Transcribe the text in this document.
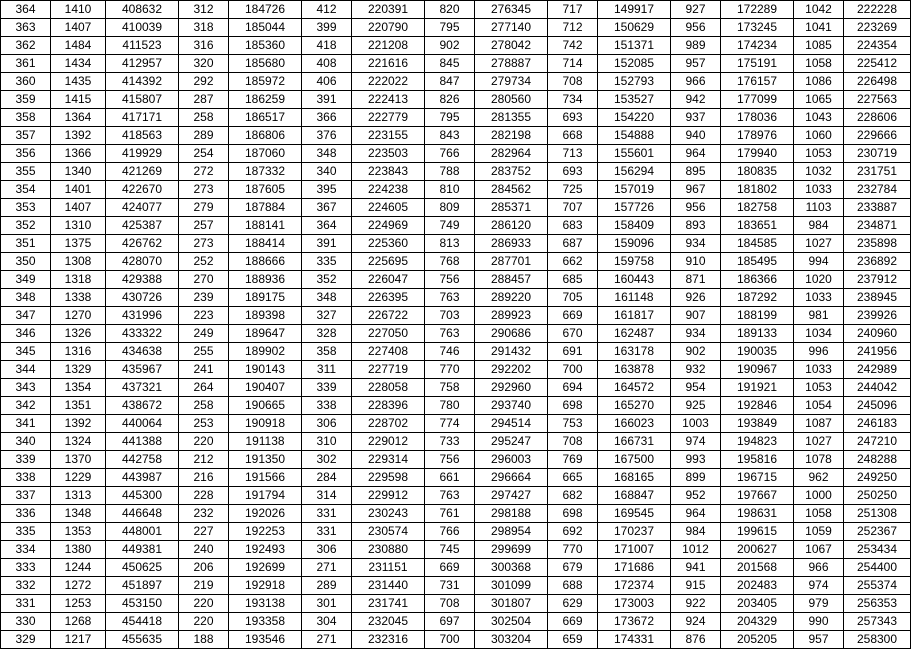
364	1410	408632	312	184726	412	220391	820	276345	717	149917	927	172289	1042	222228
363	1407	410039	318	185044	399	220790	795	277140	712	150629	956	173245	1041	223269
362	1484	411523	316	185360	418	221208	902	278042	742	151371	989	174234	1085	224354
361	1434	412957	320	185680	408	221616	845	278887	714	152085	957	175191	1058	225412
360	1435	414392	292	185972	406	222022	847	279734	708	152793	966	176157	1086	226498
359	1415	415807	287	186259	391	222413	826	280560	734	153527	942	177099	1065	227563
358	1364	417171	258	186517	366	222779	795	281355	693	154220	937	178036	1043	228606
357	1392	418563	289	186806	376	223155	843	282198	668	154888	940	178976	1060	229666
356	1366	419929	254	187060	348	223503	766	282964	713	155601	964	179940	1053	230719
355	1340	421269	272	187332	340	223843	788	283752	693	156294	895	180835	1032	231751
354	1401	422670	273	187605	395	224238	810	284562	725	157019	967	181802	1033	232784
353	1407	424077	279	187884	367	224605	809	285371	707	157726	956	182758	1103	233887
352	1310	425387	257	188141	364	224969	749	286120	683	158409	893	183651	984	234871
351	1375	426762	273	188414	391	225360	813	286933	687	159096	934	184585	1027	235898
350	1308	428070	252	188666	335	225695	768	287701	662	159758	910	185495	994	236892
349	1318	429388	270	188936	352	226047	756	288457	685	160443	871	186366	1020	237912
348	1338	430726	239	189175	348	226395	763	289220	705	161148	926	187292	1033	238945
347	1270	431996	223	189398	327	226722	703	289923	669	161817	907	188199	981	239926
346	1326	433322	249	189647	328	227050	763	290686	670	162487	934	189133	1034	240960
345	1316	434638	255	189902	358	227408	746	291432	691	163178	902	190035	996	241956
344	1329	435967	241	190143	311	227719	770	292202	700	163878	932	190967	1033	242989
343	1354	437321	264	190407	339	228058	758	292960	694	164572	954	191921	1053	244042
342	1351	438672	258	190665	338	228396	780	293740	698	165270	925	192846	1054	245096
341	1392	440064	253	190918	306	228702	774	294514	753	166023	1003	193849	1087	246183
340	1324	441388	220	191138	310	229012	733	295247	708	166731	974	194823	1027	247210
339	1370	442758	212	191350	302	229314	756	296003	769	167500	993	195816	1078	248288
338	1229	443987	216	191566	284	229598	661	296664	665	168165	899	196715	962	249250
337	1313	445300	228	191794	314	229912	763	297427	682	168847	952	197667	1000	250250
336	1348	446648	232	192026	331	230243	761	298188	698	169545	964	198631	1058	251308
335	1353	448001	227	192253	331	230574	766	298954	692	170237	984	199615	1059	252367
334	1380	449381	240	192493	306	230880	745	299699	770	171007	1012	200627	1067	253434
333	1244	450625	206	192699	271	231151	669	300368	679	171686	941	201568	966	254400
332	1272	451897	219	192918	289	231440	731	301099	688	172374	915	202483	974	255374
331	1253	453150	220	193138	301	231741	708	301807	629	173003	922	203405	979	256353
330	1268	454418	220	193358	304	232045	697	302504	669	173672	924	204329	990	257343
329	1217	455635	188	193546	271	232316	700	303204	659	174331	876	205205	957	258300
